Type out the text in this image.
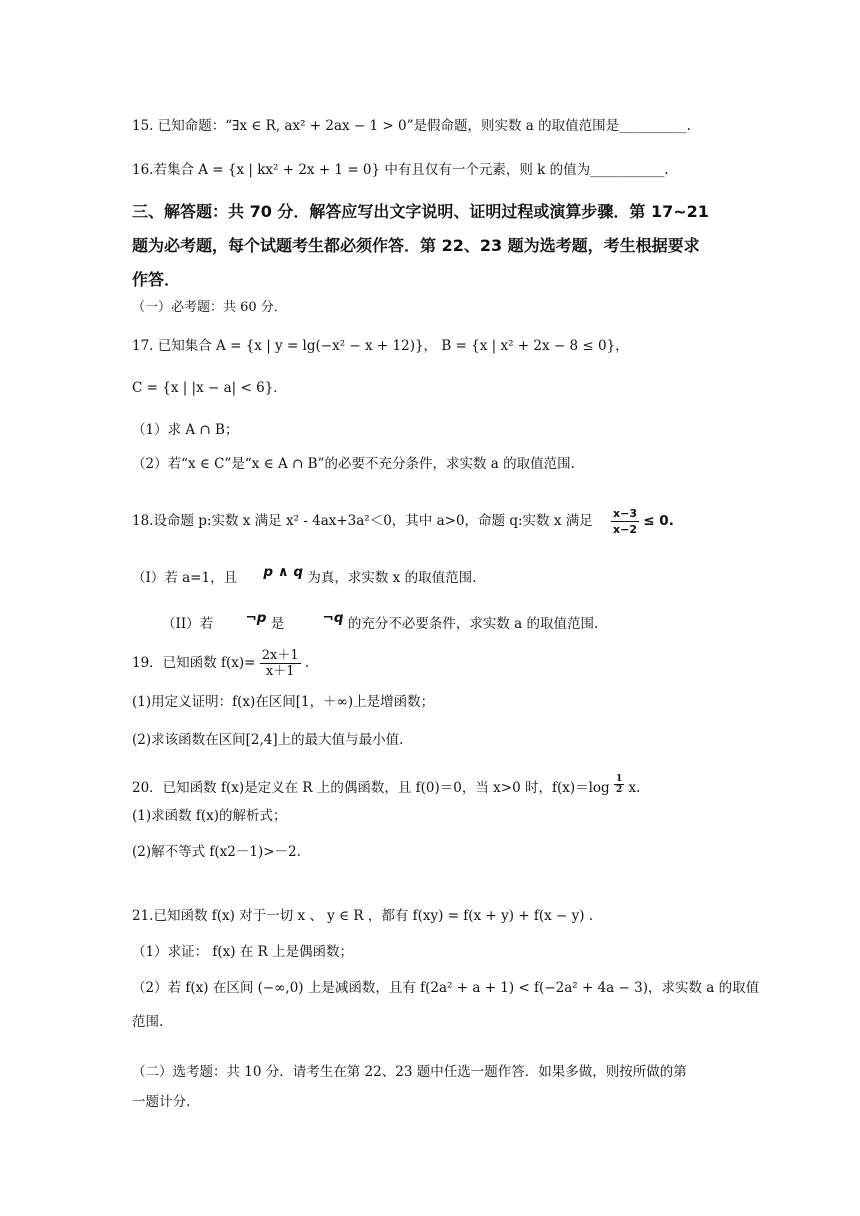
15. 已知命题：“∃x ∈ R, ax² + 2ax − 1 > 0”是假命题，则实数 a 的取值范围是__________.
16.若集合 A = {x | kx² + 2x + 1 = 0} 中有且仅有一个元素，则 k 的值为___________.
三、解答题：共 70 分．解答应写出文字说明、证明过程或演算步骤．第 17~21
题为必考题，每个试题考生都必须作答．第 22、23 题为选考题，考生根据要求
作答．
（一）必考题：共 60 分．
17. 已知集合 A = {x | y = lg(−x² − x + 12)}， B = {x | x² + 2x − 8 ≤ 0}，
C = {x | |x − a| < 6}．
（1）求 A ∩ B；
（2）若“x ∈ C”是“x ∈ A ∩ B”的必要不充分条件，求实数 a 的取值范围.
18.设命题 p:实数 x 满足 x² - 4ax+3a²＜0，其中 a>0，命题 q:实数 x 满足 $\frac{x-3}{x-2} \le 0$.
（I）若 a=1，且 p ∧ q 为真，求实数 x 的取值范围.
（II）若 ¬p 是	¬q 的充分不必要条件，求实数 a 的取值范围.
19．已知函数 $f(x)= \frac{2x+1}{x+1}$ .
(1)用定义证明：f(x)在区间[1，＋∞)上是增函数；
(2)求该函数在区间[2,4]上的最大值与最小值.
20．已知函数 f(x)是定义在 R 上的偶函数，且 f(0)＝0，当 x>0 时，$f(x)=\log \frac{1}{2} x$.
(1)求函数 f(x)的解析式；
(2)解不等式 f(x2－1)>－2.
21.已知函数 f(x) 对于一切 x 、 y ∈ R ，都有 f(xy) = f(x + y) + f(x − y) .
（1）求证： f(x) 在 R 上是偶函数；
（2）若 f(x) 在区间 (−∞,0) 上是减函数，且有 f(2a² + a + 1) < f(−2a² + 4a − 3)，求实数 a 的取值
范围.
（二）选考题：共 10 分．请考生在第 22、23 题中任选一题作答．如果多做，则按所做的第
一题计分.
